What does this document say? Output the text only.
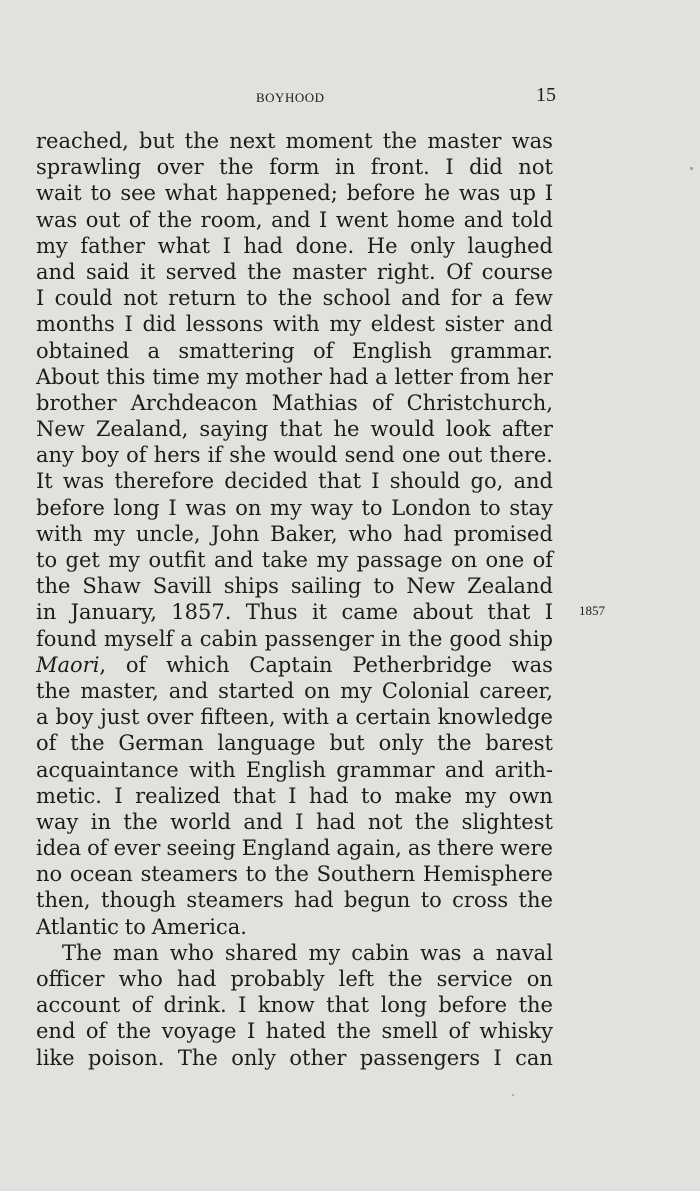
BOYHOOD	15
reached, but the next moment the master was
sprawling over the form in front. I did not
wait to see what happened; before he was up I
was out of the room, and I went home and told
my father what I had done. He only laughed
and said it served the master right. Of course
I could not return to the school and for a few
months I did lessons with my eldest sister and
obtained a smattering of English grammar.
About this time my mother had a letter from her
brother Archdeacon Mathias of Christchurch,
New Zealand, saying that he would look after
any boy of hers if she would send one out there.
It was therefore decided that I should go, and
before long I was on my way to London to stay
with my uncle, John Baker, who had promised
to get my outfit and take my passage on one of
the Shaw Savill ships sailing to New Zealand
in January, 1857. Thus it came about that I
found myself a cabin passenger in the good ship
Maori, of which Captain Petherbridge was
the master, and started on my Colonial career,
a boy just over fifteen, with a certain knowledge
of the German language but only the barest
acquaintance with English grammar and arith-
metic. I realized that I had to make my own
way in the world and I had not the slightest
idea of ever seeing England again, as there were
no ocean steamers to the Southern Hemisphere
then, though steamers had begun to cross the
Atlantic to America.
The man who shared my cabin was a naval
officer who had probably left the service on
account of drink. I know that long before the
end of the voyage I hated the smell of whisky
like poison. The only other passengers I can
1857
